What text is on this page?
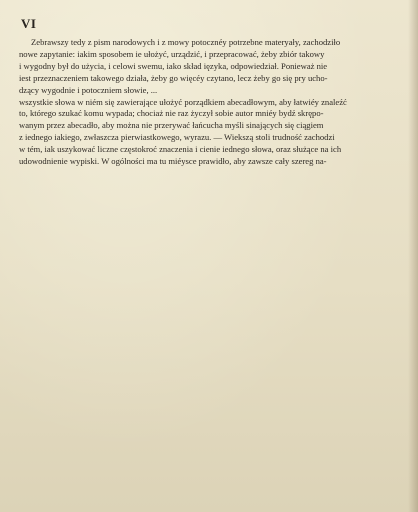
VI
Zebrawszy tedy z pism narodowych i z mowy potocznéy potrzebne materyały, zachodziło
nowe zapytanie: iakim sposobem ie ułożyć, urządzić, i przepracować, żeby zbiór takowy
i wygodny był do użycia, i celowi swemu, iako skład ięzyka, odpowiedział. Ponieważ nie
iest przeznaczeniem takowego działa, żeby go więcéy czytano, lecz żeby go się pry ucho-
dzący wygodnie i potoczniem słowie, ...
wszystkie słowa w niém się zawierające ułożyć porządkiem abecadłowym, aby łatwiéy znaleźć
to, którego szukać komu wypada; chociaż nie raz życzył sobie autor mniéy bydź skrępo-
wanym przez abecadło, aby można nie przerywać łańcucha myśli sinających się ciągiem
z iednego iakiego, zwłaszcza pierwiastkowego, wyrazu. — Wiekszą stoli trudność zachodzi
w tém, iak uszykować liczne częstokroć znaczenia i cienie iednego słowa, oraz służące na ich
udowodnienie wypiski. W ogólności ma tu miéysce prawidło, aby zawsze cały szereg na-
